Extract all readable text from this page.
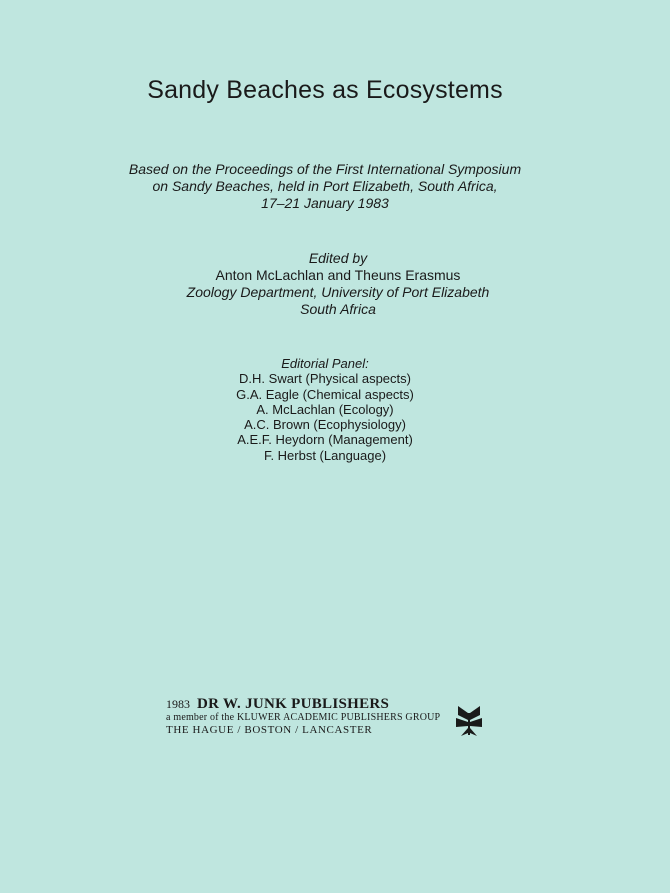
Sandy Beaches as Ecosystems
Based on the Proceedings of the First International Symposium
on Sandy Beaches, held in Port Elizabeth, South Africa,
17–21 January 1983
Edited by
Anton McLachlan and Theuns Erasmus
Zoology Department, University of Port Elizabeth
South Africa
Editorial Panel:
D.H. Swart (Physical aspects)
G.A. Eagle (Chemical aspects)
A. McLachlan (Ecology)
A.C. Brown (Ecophysiology)
A.E.F. Heydorn (Management)
F. Herbst (Language)
1983 DR W. JUNK PUBLISHERS
a member of the KLUWER ACADEMIC PUBLISHERS GROUP
THE HAGUE / BOSTON / LANCASTER
